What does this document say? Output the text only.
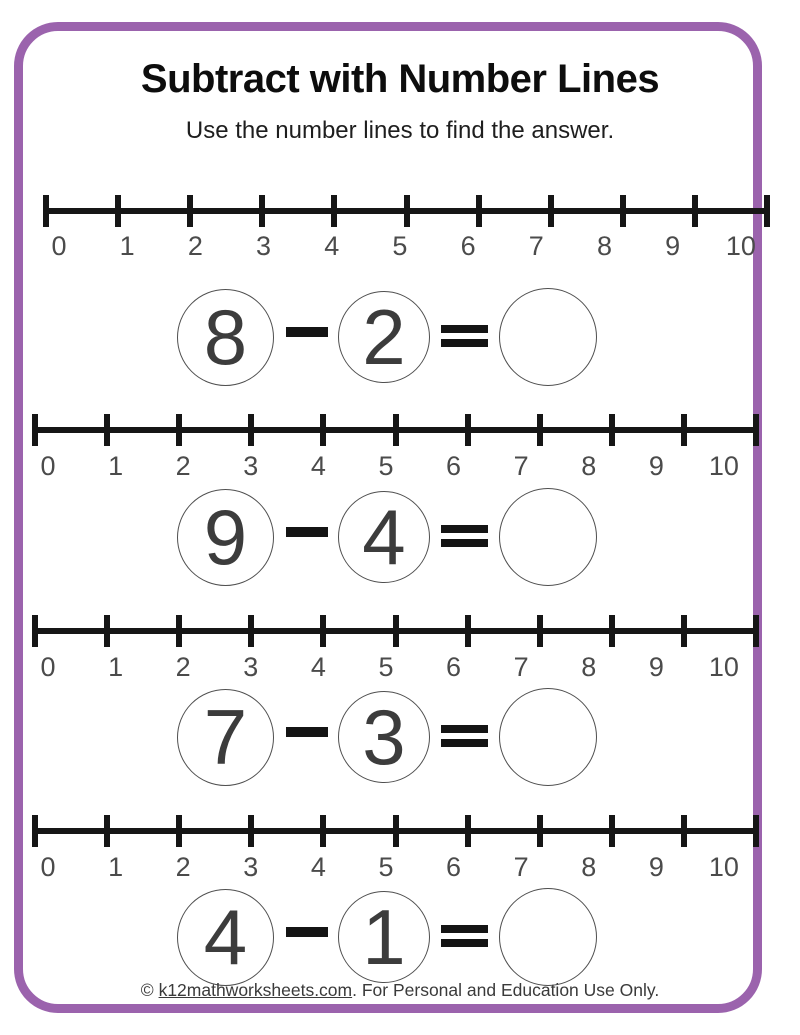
Subtract with Number Lines
Use the number lines to find the answer.
0	1	2	3	4	5	6	7	8	9	10
8 2
0	1	2	3	4	5	6	7	8	9	10
9 4
0	1	2	3	4	5	6	7	8	9	10
7 3
0	1	2	3	4	5	6	7	8	9	10
4 1
© k12mathworksheets.com. For Personal and Education Use Only.
